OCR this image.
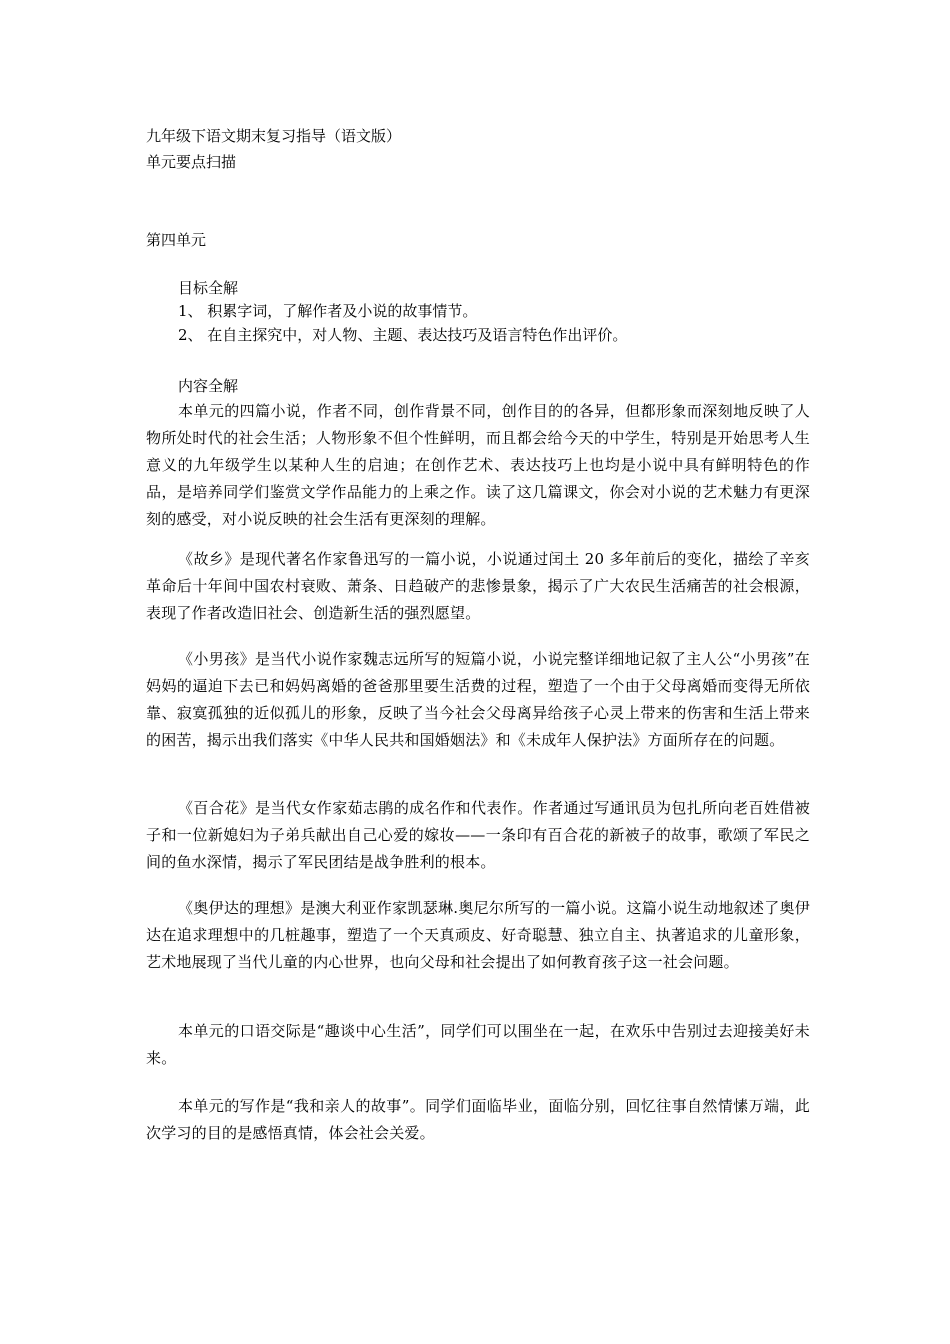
九年级下语文期末复习指导（语文版）
单元要点扫描
第四单元
目标全解
1、 积累字词，了解作者及小说的故事情节。
2、 在自主探究中，对人物、主题、表达技巧及语言特色作出评价。
内容全解
本单元的四篇小说，作者不同，创作背景不同，创作目的的各异，但都形象而深刻地反映了人物所处时代的社会生活；人物形象不但个性鲜明，而且都会给今天的中学生，特别是开始思考人生意义的九年级学生以某种人生的启迪；在创作艺术、表达技巧上也均是小说中具有鲜明特色的作品，是培养同学们鉴赏文学作品能力的上乘之作。读了这几篇课文，你会对小说的艺术魅力有更深刻的感受，对小说反映的社会生活有更深刻的理解。
《故乡》是现代著名作家鲁迅写的一篇小说，小说通过闰土 20 多年前后的变化，描绘了辛亥革命后十年间中国农村衰败、萧条、日趋破产的悲惨景象，揭示了广大农民生活痛苦的社会根源，表现了作者改造旧社会、创造新生活的强烈愿望。
《小男孩》是当代小说作家魏志远所写的短篇小说，小说完整详细地记叙了主人公“小男孩”在妈妈的逼迫下去已和妈妈离婚的爸爸那里要生活费的过程，塑造了一个由于父母离婚而变得无所依靠、寂寞孤独的近似孤儿的形象，反映了当今社会父母离异给孩子心灵上带来的伤害和生活上带来的困苦，揭示出我们落实《中华人民共和国婚姻法》和《未成年人保护法》方面所存在的问题。
《百合花》是当代女作家茹志鹃的成名作和代表作。作者通过写通讯员为包扎所向老百姓借被子和一位新媳妇为子弟兵献出自己心爱的嫁妆——一条印有百合花的新被子的故事，歌颂了军民之间的鱼水深情，揭示了军民团结是战争胜利的根本。
《奥伊达的理想》是澳大利亚作家凯瑟琳.奥尼尔所写的一篇小说。这篇小说生动地叙述了奥伊达在追求理想中的几桩趣事，塑造了一个天真顽皮、好奇聪慧、独立自主、执著追求的儿童形象，艺术地展现了当代儿童的内心世界，也向父母和社会提出了如何教育孩子这一社会问题。
本单元的口语交际是“趣谈中心生活”，同学们可以围坐在一起，在欢乐中告别过去迎接美好未来。
本单元的写作是“我和亲人的故事”。同学们面临毕业，面临分别，回忆往事自然情愫万端，此次学习的目的是感悟真情，体会社会关爱。
